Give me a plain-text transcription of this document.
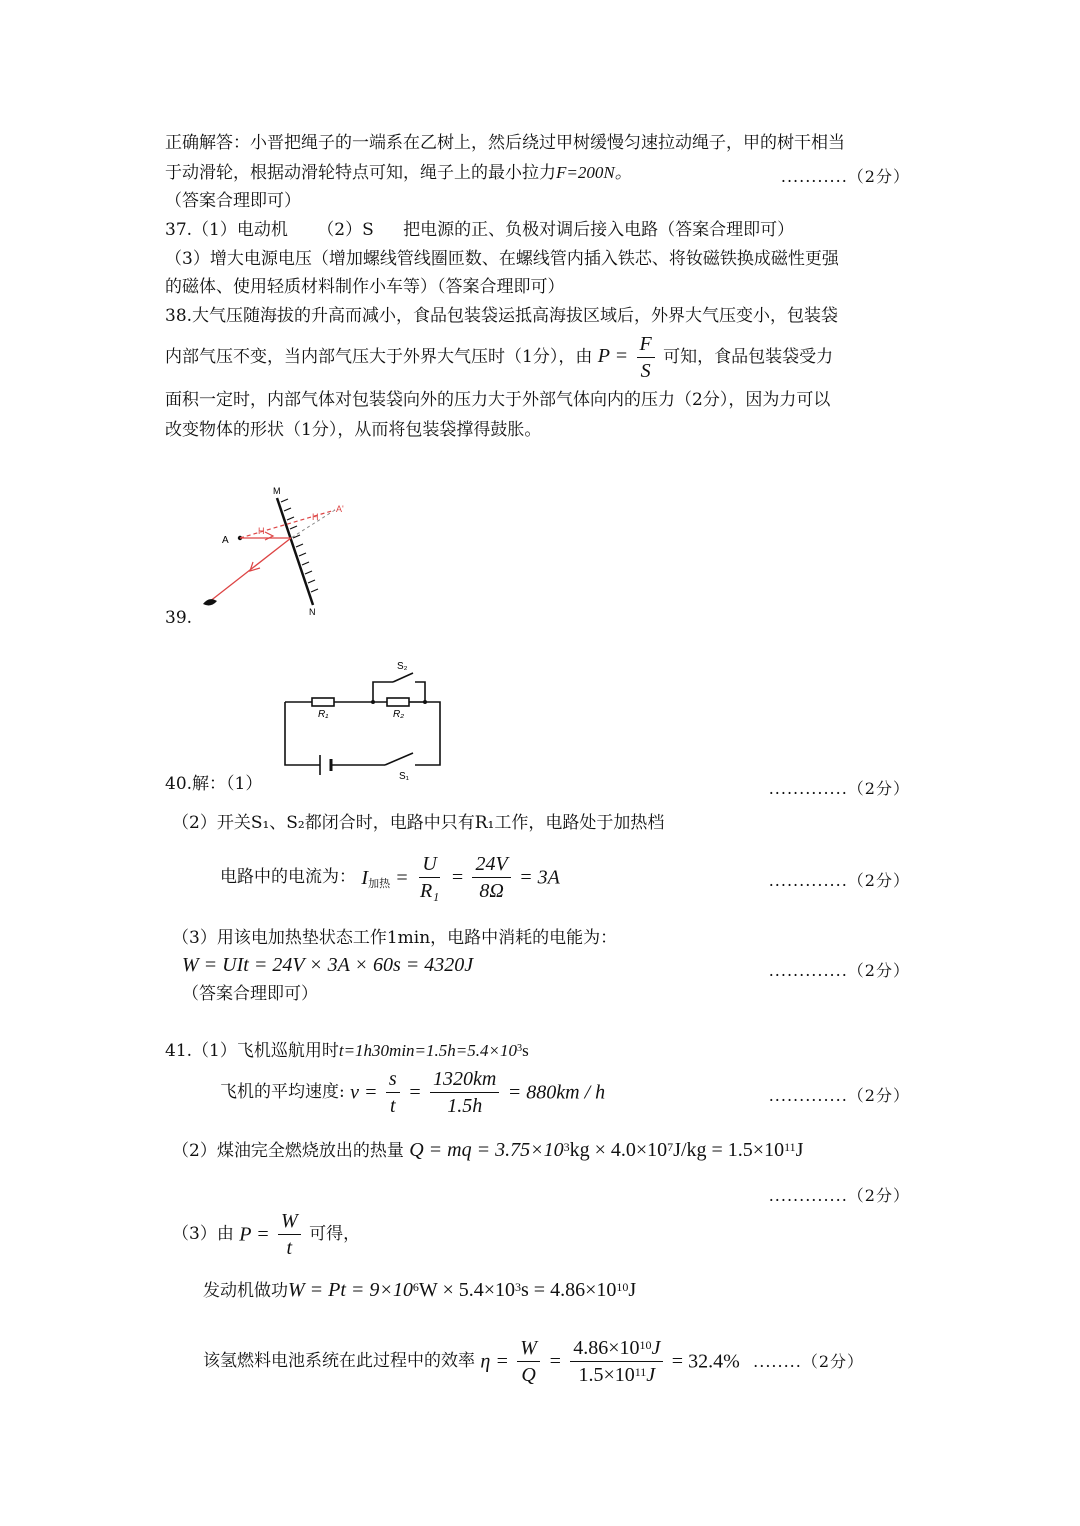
正确解答：小晋把绳子的一端系在乙树上，然后绕过甲树缓慢匀速拉动绳子，甲的树干相当
于动滑轮，根据动滑轮特点可知，绳子上的最小拉力F=200N。	...........（2分）
（答案合理即可）
37.（1）电动机 （2）S 把电源的正、负极对调后接入电路（答案合理即可）
（3）增大电源电压（增加螺线管线圈匝数、在螺线管内插入铁芯、将钕磁铁换成磁性更强
的磁体、使用轻质材料制作小车等）（答案合理即可）
38.大气压随海拔的升高而减小，食品包装袋运抵高海拔区域后，外界大气压变小，包装袋
内部气压不变，当内部气压大于外界大气压时（1分），由 $P = \frac{F}{S}$ 可知，食品包装袋受力
面积一定时，内部气体对包装袋向外的压力大于外部气体向内的压力（2分），因为力可以
改变物体的形状（1分），从而将包装袋撑得鼓胀。
M
N
A
A'
H
H
39.
S₂
R₁	R₂
S₁
40.解：（1）	.............（2分）
（2）开关S₁、S₂都闭合时，电路中只有R₁工作，电路处于加热档
电路中的电流为： I加热 = $\frac{U}{\text{R₁}} = \frac{24V}{8\Omega} = 3A$	.............（2分）
（3）用该电加热垫状态工作1min，电路中消耗的电能为：
W = UIt = 24V × 3A × 60s = 4320J	.............（2分）
（答案合理即可）
41.（1）飞机巡航用时$t=1h30\min=1.5h=5.4\times 10^3s$
飞机的平均速度: $v = \frac{s}{t} = \frac{1320km}{1.5h} = 880km / h$	.............（2分）
（2）煤油完全燃烧放出的热量 Q = mq = $3.75\times 10^3kg \times 4.0\times 10^7J/kg = 1.5\times 10^{11}J$
.............（2分）
（3）由 $P = \frac{W}{t}$ 可得，
发动机做功$W = Pt = 9\times 10^6W \times 5.4\times 10^3s = 4.86\times 10^{10}J$
该氢燃料电池系统在此过程中的效率 $\eta = \frac{W}{Q} = \frac{4.86\times 10^{10}J}{1.5\times 10^{11}J} = 32.4\%$ ........（2分）
